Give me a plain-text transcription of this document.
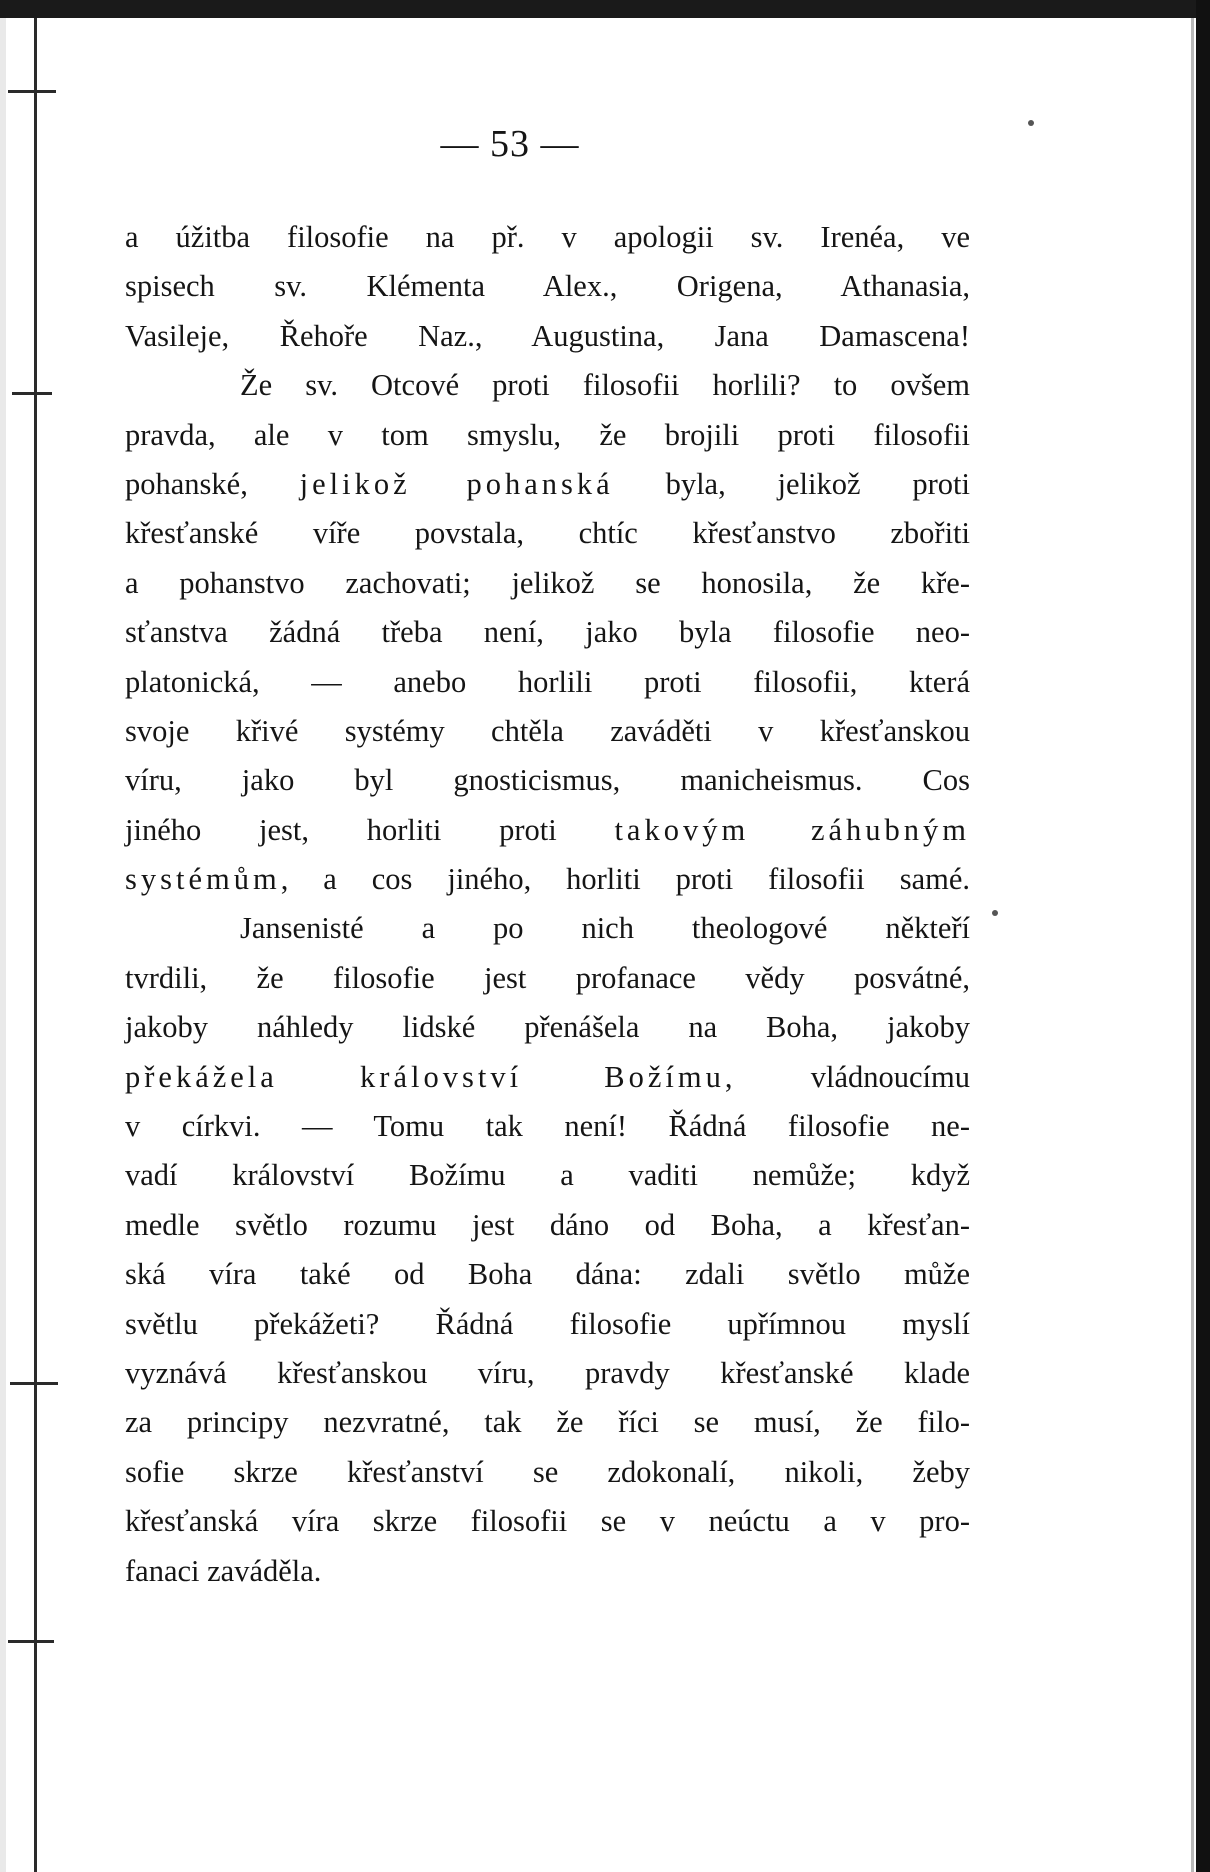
— 53 —
a úžitba filosofie na př. v apologii sv. Irenéa, ve
spisech sv. Klémenta Alex., Origena, Athanasia,
Vasileje, Řehoře Naz., Augustina, Jana Damascena!
Že sv. Otcové proti filosofii horlili? to ovšem
pravda, ale v tom smyslu, že brojili proti filosofii
pohanské, jelikož pohanská byla, jelikož proti
křesťanské víře povstala, chtíc křesťanstvo zbořiti
a pohanstvo zachovati; jelikož se honosila, že kře-
sťanstva žádná třeba není, jako byla filosofie neo-
platonická, — anebo horlili proti filosofii, která
svoje křivé systémy chtěla zaváděti v křesťanskou
víru, jako byl gnosticismus, manicheismus. Cos
jiného jest, horliti proti takovým záhubným
systémům, a cos jiného, horliti proti filosofii samé.
Jansenisté a po nich theologové někteří
tvrdili, že filosofie jest profanace vědy posvátné,
jakoby náhledy lidské přenášela na Boha, jakoby
překážela království Božímu, vládnoucímu
v církvi. — Tomu tak není! Řádná filosofie ne-
vadí království Božímu a vaditi nemůže; když
medle světlo rozumu jest dáno od Boha, a křesťan-
ská víra také od Boha dána: zdali světlo může
světlu překážeti? Řádná filosofie upřímnou myslí
vyznává křesťanskou víru, pravdy křesťanské klade
za principy nezvratné, tak že říci se musí, že filo-
sofie skrze křesťanství se zdokonalí, nikoli, žeby
křesťanská víra skrze filosofii se v neúctu a v pro-
fanaci zaváděla.
